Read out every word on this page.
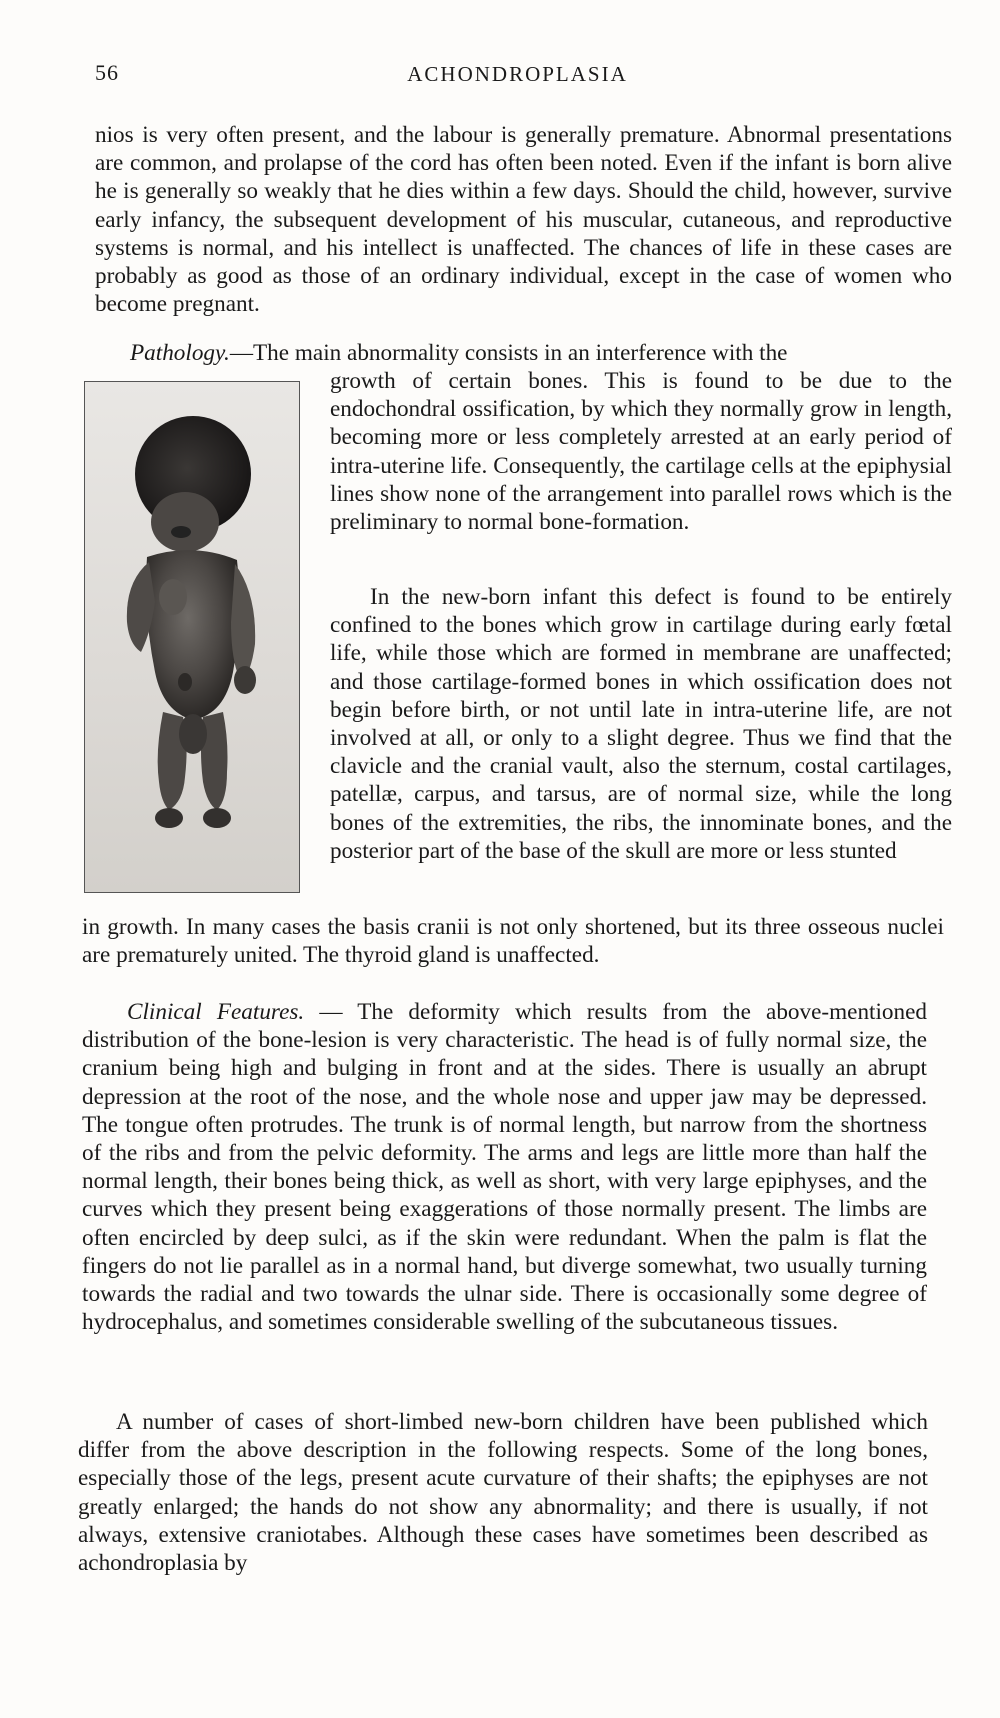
56	ACHONDROPLASIA

nios is very often present, and the labour is generally premature. Abnormal presentations are common, and prolapse of the cord has often been noted. Even if the infant is born alive he is generally so weakly that he dies within a few days. Should the child, however, survive early infancy, the subsequent development of his muscular, cutaneous, and reproductive systems is normal, and his intellect is unaffected. The chances of life in these cases are probably as good as those of an ordinary individual, except in the case of women who become pregnant.

Pathology.—The main abnormality consists in an interference with the

growth of certain bones. This is found to be due to the endochondral ossification, by which they normally grow in length, becoming more or less completely arrested at an early period of intra-uterine life. Consequently, the cartilage cells at the epiphysial lines show none of the arrangement into parallel rows which is the preliminary to normal bone-formation.

In the new-born infant this defect is found to be entirely confined to the bones which grow in cartilage during early fœtal life, while those which are formed in membrane are unaffected; and those cartilage-formed bones in which ossification does not begin before birth, or not until late in intra-uterine life, are not involved at all, or only to a slight degree. Thus we find that the clavicle and the cranial vault, also the sternum, costal cartilages, patellæ, carpus, and tarsus, are of normal size, while the long bones of the extremities, the ribs, the innominate bones, and the posterior part of the base of the skull are more or less stunted

in growth. In many cases the basis cranii is not only shortened, but its three osseous nuclei are prematurely united. The thyroid gland is unaffected.

Clinical Features. — The deformity which results from the above-mentioned distribution of the bone-lesion is very characteristic. The head is of fully normal size, the cranium being high and bulging in front and at the sides. There is usually an abrupt depression at the root of the nose, and the whole nose and upper jaw may be depressed. The tongue often protrudes. The trunk is of normal length, but narrow from the shortness of the ribs and from the pelvic deformity. The arms and legs are little more than half the normal length, their bones being thick, as well as short, with very large epiphyses, and the curves which they present being exaggerations of those normally present. The limbs are often encircled by deep sulci, as if the skin were redundant. When the palm is flat the fingers do not lie parallel as in a normal hand, but diverge somewhat, two usually turning towards the radial and two towards the ulnar side. There is occasionally some degree of hydrocephalus, and sometimes considerable swelling of the subcutaneous tissues.

A number of cases of short-limbed new-born children have been published which differ from the above description in the following respects. Some of the long bones, especially those of the legs, present acute curvature of their shafts; the epiphyses are not greatly enlarged; the hands do not show any abnormality; and there is usually, if not always, extensive craniotabes. Although these cases have sometimes been described as achondroplasia by
